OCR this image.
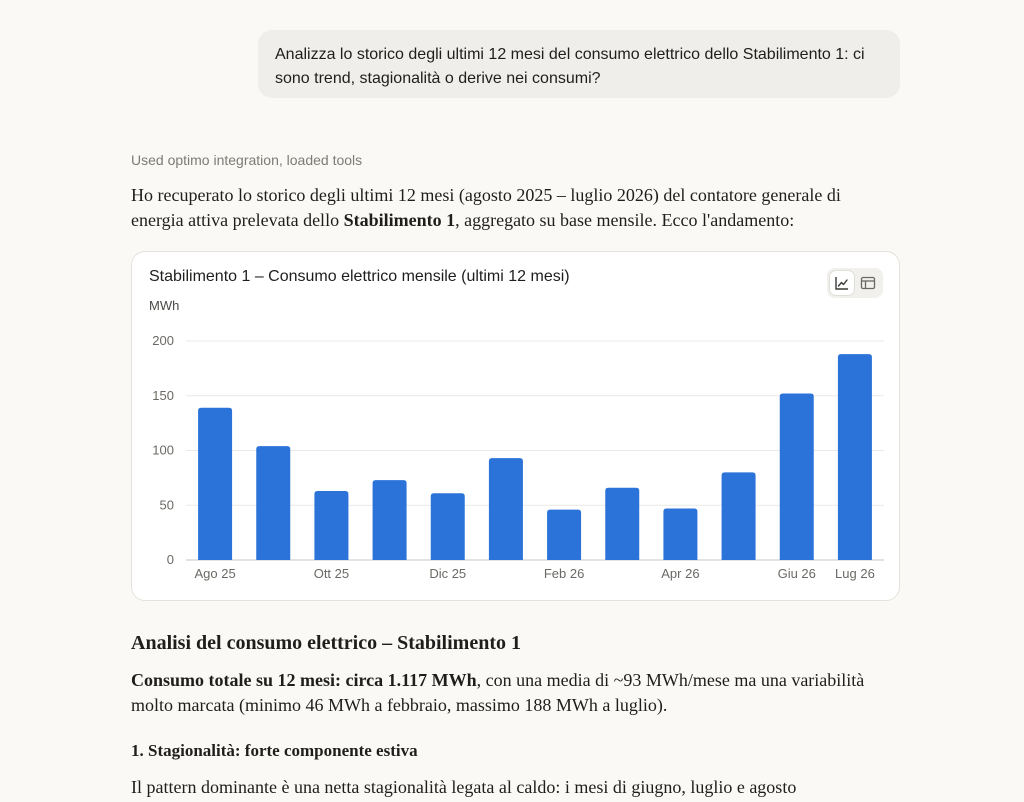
Analizza lo storico degli ultimi 12 mesi del consumo elettrico dello Stabilimento 1: ci sono trend, stagionalità o derive nei consumi?
Used optimo integration, loaded tools
Ho recuperato lo storico degli ultimi 12 mesi (agosto 2025 – luglio 2026) del contatore generale di energia attiva prelevata dello Stabilimento 1, aggregato su base mensile. Ecco l'andamento:
0
50
100
150
200
Ago 25	Ott 25	Dic 25	Feb 26	Apr 26	Giu 26 Lug 26
Stabilimento 1 – Consumo elettrico mensile (ultimi 12 mesi)
MWh
Analisi del consumo elettrico – Stabilimento 1
Consumo totale su 12 mesi: circa 1.117 MWh, con una media di ~93 MWh/mese ma una variabilità molto marcata (minimo 46 MWh a febbraio, massimo 188 MWh a luglio).
1. Stagionalità: forte componente estiva
Il pattern dominante è una netta stagionalità legata al caldo: i mesi di giugno, luglio e agosto
